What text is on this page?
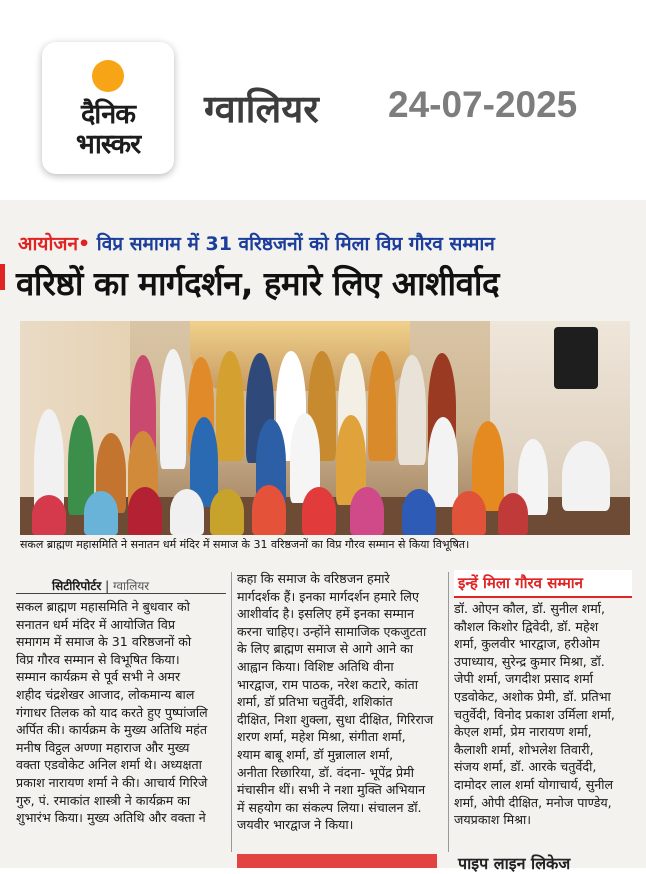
दैनिक
भास्कर
ग्वालियर 24-07-2025
आयोजन• विप्र समागम में 31 वरिष्ठजनों को मिला विप्र गौरव सम्मान
वरिष्ठों का मार्गदर्शन, हमारे लिए आशीर्वाद
सकल ब्राह्मण महासमिति ने सनातन धर्म मंदिर में समाज के 31 वरिष्ठजनों का विप्र गौरव सम्मान से किया विभूषित।
सिटीरिपोर्टर | ग्वालियर
सकल ब्राह्मण महासमिति ने बुधवार को
सनातन धर्म मंदिर में आयोजित विप्र
समागम में समाज के 31 वरिष्ठजनों को
विप्र गौरव सम्मान से विभूषित किया।
सम्मान कार्यक्रम से पूर्व सभी ने अमर
शहीद चंद्रशेखर आजाद, लोकमान्य बाल
गंगाधर तिलक को याद करते हुए पुष्पांजलि
अर्पित की। कार्यक्रम के मुख्य अतिथि महंत
मनीष विट्ठल अण्णा महाराज और मुख्य
वक्ता एडवोकेट अनिल शर्मा थे। अध्यक्षता
प्रकाश नारायण शर्मा ने की। आचार्य गिरिजे
गुरु, पं. रमाकांत शास्त्री ने कार्यक्रम का
शुभारंभ किया। मुख्य अतिथि और वक्ता ने
कहा कि समाज के वरिष्ठजन हमारे
मार्गदर्शक हैं। इनका मार्गदर्शन हमारे लिए
आशीर्वाद है। इसलिए हमें इनका सम्मान
करना चाहिए। उन्होंने सामाजिक एकजुटता
के लिए ब्राह्मण समाज से आगे आने का
आह्वान किया। विशिष्ट अतिथि वीना
भारद्वाज, राम पाठक, नरेश कटारे, कांता
शर्मा, डॉ प्रतिभा चतुर्वेदी, शशिकांत
दीक्षित, निशा शुक्ला, सुधा दीक्षित, गिरिराज
शरण शर्मा, महेश मिश्रा, संगीता शर्मा,
श्याम बाबू शर्मा, डॉ मुन्नालाल शर्मा,
अनीता रिछारिया, डॉ. वंदना- भूपेंद्र प्रेमी
मंचासीन थीं। सभी ने नशा मुक्ति अभियान
में सहयोग का संकल्प लिया। संचालन डॉ.
जयवीर भारद्वाज ने किया।
इन्हें मिला गौरव सम्मान
डॉ. ओएन कौल, डॉ. सुनील शर्मा,
कौशल किशोर द्विवेदी, डॉ. महेश
शर्मा, कुलवीर भारद्वाज, हरीओम
उपाध्याय, सुरेन्द्र कुमार मिश्रा, डॉ.
जेपी शर्मा, जगदीश प्रसाद शर्मा
एडवोकेट, अशोक प्रेमी, डॉ. प्रतिभा
चतुर्वेदी, विनोद प्रकाश उर्मिला शर्मा,
केएल शर्मा, प्रेम नारायण शर्मा,
कैलाशी शर्मा, शोभलेश तिवारी,
संजय शर्मा, डॉ. आरके चतुर्वेदी,
दामोदर लाल शर्मा योगाचार्य, सुनील
शर्मा, ओपी दीक्षित, मनोज पाण्डेय,
जयप्रकाश मिश्रा।
पाइप लाइन लिकेज
